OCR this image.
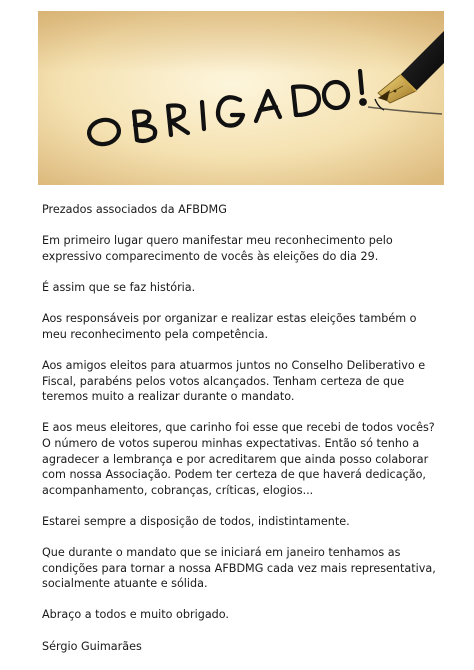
Prezados associados da AFBDMG

Em primeiro lugar quero manifestar meu reconhecimento pelo expressivo comparecimento de vocês às eleições do dia 29.

É assim que se faz história.

Aos responsáveis por organizar e realizar estas eleições também o meu reconhecimento pela competência.

Aos amigos eleitos para atuarmos juntos no Conselho Deliberativo e Fiscal, parabéns pelos votos alcançados. Tenham certeza de que teremos muito a realizar durante o mandato.

E aos meus eleitores, que carinho foi esse que recebi de todos vocês? O número de votos superou minhas expectativas. Então só tenho a agradecer a lembrança e por acreditarem que ainda posso colaborar com nossa Associação. Podem ter certeza de que haverá dedicação, acompanhamento, cobranças, críticas, elogios...

Estarei sempre a disposição de todos, indistintamente.

Que durante o mandato que se iniciará em janeiro tenhamos as condições para tornar a nossa AFBDMG cada vez mais representativa, socialmente atuante e sólida.

Abraço a todos e muito obrigado.

Sérgio Guimarães
